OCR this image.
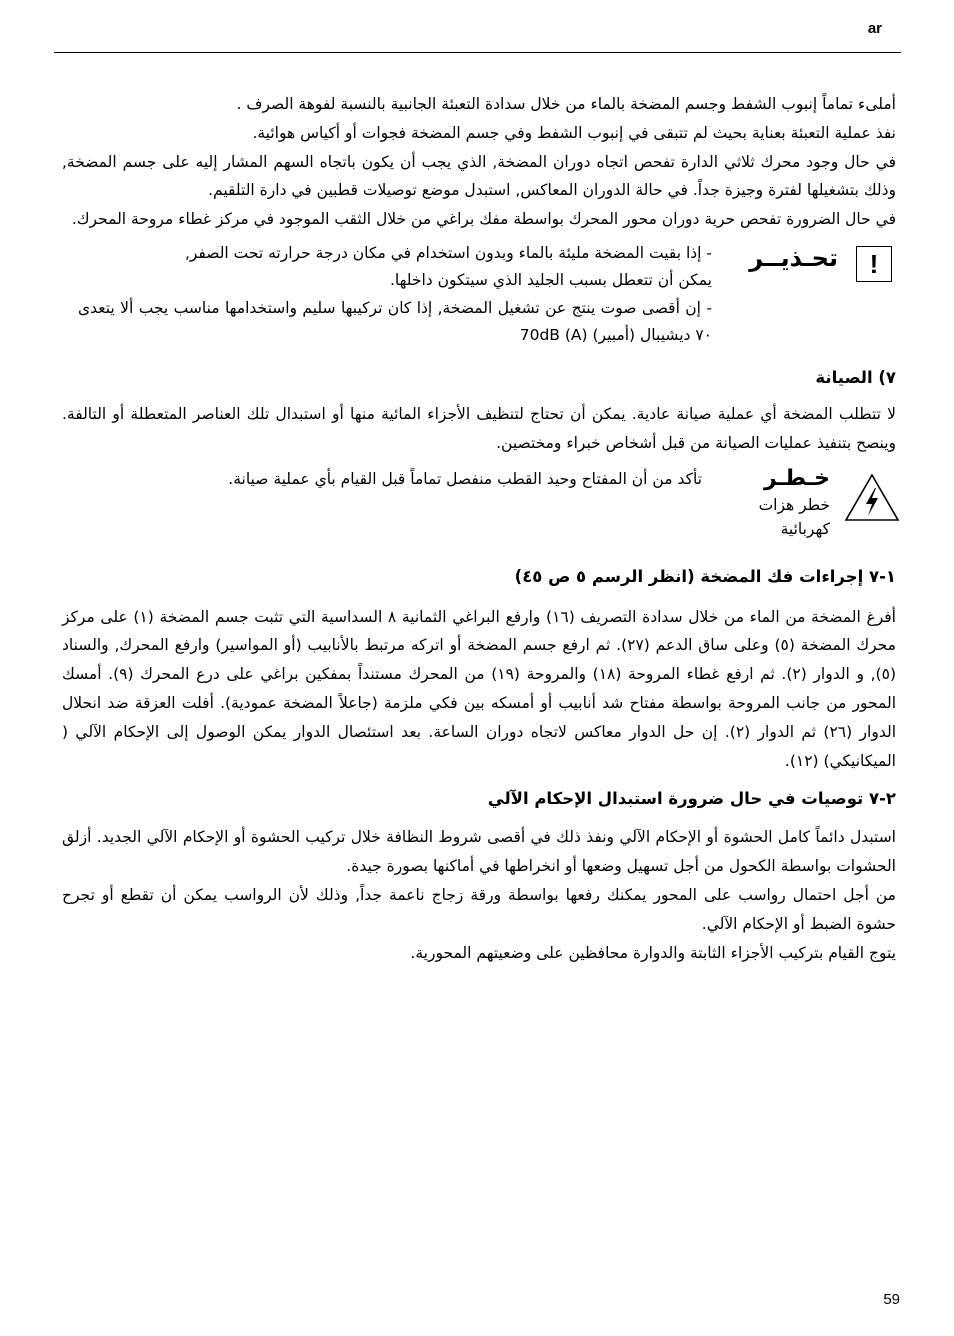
ar

أملىء تماماً إنبوب الشفط وجسم المضخة بالماء من خلال سدادة التعبئة الجانبية بالنسبة لفوهة الصرف .

نفذ عملية التعبئة بعناية بحيث لم تتبقى في إنبوب الشفط وفي جسم المضخة فجوات أو أكياس هوائية.

في حال وجود محرك ثلاثي الدارة تفحص اتجاه دوران المضخة, الذي يجب أن يكون باتجاه السهم المشار إليه على جسم المضخة, وذلك بتشغيلها لفترة وجيزة جداً. في حالة الدوران المعاكس, استبدل موضع توصيلات قطبين في دارة التلقيم.

في حال الضرورة تفحص حرية دوران محور المحرك بواسطة مفك براغي من خلال الثقب الموجود في مركز غطاء مروحة المحرك.

!
تحـذيــر
- إذا بقيت المضخة مليئة بالماء وبدون استخدام في مكان درجة حرارته تحت الصفر,
يمكن أن تتعطل بسبب الجليد الذي سيتكون داخلها.
- إن أقصى صوت ينتج عن تشغيل المضخة, إذا كان تركيبها سليم واستخدامها مناسب يجب ألا يتعدى ٧٠ ديشيبال (أمبير) 70dB (A)
٧) الصيانة

لا تتطلب المضخة أي عملية صيانة عادية. يمكن أن تحتاج لتنظيف الأجزاء المائية منها أو استبدال تلك العناصر المتعطلة أو التالفة. وينصح بتنفيذ عمليات الصيانة من قبل أشخاص خبراء ومختصين.

خـطـر
خطر هزات كهربائية
تأكد من أن المفتاح وحيد القطب منفصل تماماً قبل القيام بأي عملية صيانة.
١-٧ إجراءات فك المضخة (انظر الرسم ٥ ص ٤٥)

أفرغ المضخة من الماء من خلال سدادة التصريف (١٦) وارفع البراغي الثمانية ٨ السداسية التي تثبت جسم المضخة (١) على مركز محرك المضخة (٥) وعلى ساق الدعم (٢٧). ثم ارفع جسم المضخة أو اتركه مرتبط بالأنابيب (أو المواسير) وارفع المحرك, والسناد (٥), و الدوار (٢). ثم ارفع غطاء المروحة (١٨) والمروحة (١٩) من المحرك مستنداً بمفكين براغي على درع المحرك (٩). أمسك المحور من جانب المروحة بواسطة مفتاح شد أنابيب أو أمسكه بين فكي ملزمة (جاعلاً المضخة عمودية). أفلت العزقة ضد انحلال الدوار (٢٦) ثم الدوار (٢). إن حل الدوار معاكس لاتجاه دوران الساعة. بعد استئصال الدوار يمكن الوصول إلى الإحكام الآلي ( الميكانيكي) (١٢).

٢-٧ توصيات في حال ضرورة استبدال الإحكام الآلي

استبدل دائماً كامل الحشوة أو الإحكام الآلي ونفذ ذلك في أقصى شروط النظافة خلال تركيب الحشوة أو الإحكام الآلي الجديد. أزلق الحشوات بواسطة الكحول من أجل تسهيل وضعها أو انخراطها في أماكنها بصورة جيدة.

من أجل احتمال رواسب على المحور يمكنك رفعها بواسطة ورقة زجاج ناعمة جداً, وذلك لأن الرواسب يمكن أن تقطع أو تجرح حشوة الضبط أو الإحكام الآلي.

يتوج القيام بتركيب الأجزاء الثابتة والدوارة محافظين على وضعيتهم المحورية.

59
